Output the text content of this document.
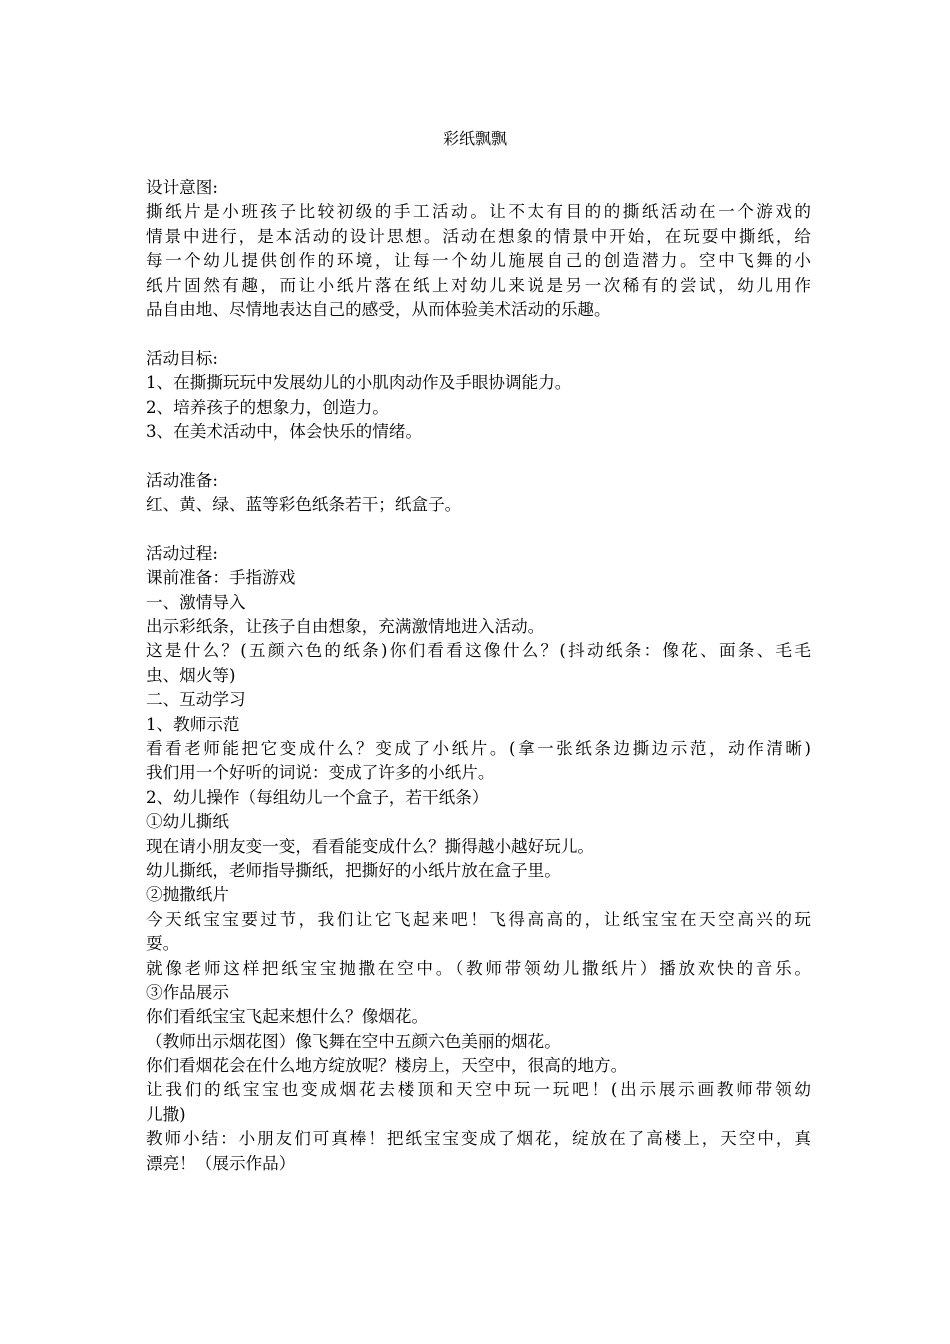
彩纸飘飘
设计意图:
撕纸片是小班孩子比较初级的手工活动。让不太有目的的撕纸活动在一个游戏的
情景中进行，是本活动的设计思想。活动在想象的情景中开始，在玩耍中撕纸，给
每一个幼儿提供创作的环境，让每一个幼儿施展自己的创造潜力。空中飞舞的小
纸片固然有趣，而让小纸片落在纸上对幼儿来说是另一次稀有的尝试，幼儿用作
品自由地、尽情地表达自己的感受，从而体验美术活动的乐趣。
活动目标:
1、在撕撕玩玩中发展幼儿的小肌肉动作及手眼协调能力。
2、培养孩子的想象力，创造力。
3、在美术活动中，体会快乐的情绪。
活动准备:
红、黄、绿、蓝等彩色纸条若干；纸盒子。
活动过程:
课前准备：手指游戏
一、激情导入
出示彩纸条，让孩子自由想象，充满激情地进入活动。
这是什么？(五颜六色的纸条)你们看看这像什么？(抖动纸条：像花、面条、毛毛
虫、烟火等)
二、互动学习
1、教师示范
看看老师能把它变成什么？变成了小纸片。(拿一张纸条边撕边示范，动作清晰)
我们用一个好听的词说：变成了许多的小纸片。
2、幼儿操作（每组幼儿一个盒子，若干纸条）
①幼儿撕纸
现在请小朋友变一变，看看能变成什么？撕得越小越好玩儿。
幼儿撕纸，老师指导撕纸，把撕好的小纸片放在盒子里。
②抛撒纸片
今天纸宝宝要过节，我们让它飞起来吧！飞得高高的，让纸宝宝在天空高兴的玩
耍。
就像老师这样把纸宝宝抛撒在空中。（教师带领幼儿撒纸片）播放欢快的音乐。
③作品展示
你们看纸宝宝飞起来想什么？像烟花。
（教师出示烟花图）像飞舞在空中五颜六色美丽的烟花。
你们看烟花会在什么地方绽放呢？楼房上，天空中，很高的地方。
让我们的纸宝宝也变成烟花去楼顶和天空中玩一玩吧！(出示展示画教师带领幼
儿撒)
教师小结：小朋友们可真棒！把纸宝宝变成了烟花，绽放在了高楼上，天空中，真
漂亮！（展示作品）
